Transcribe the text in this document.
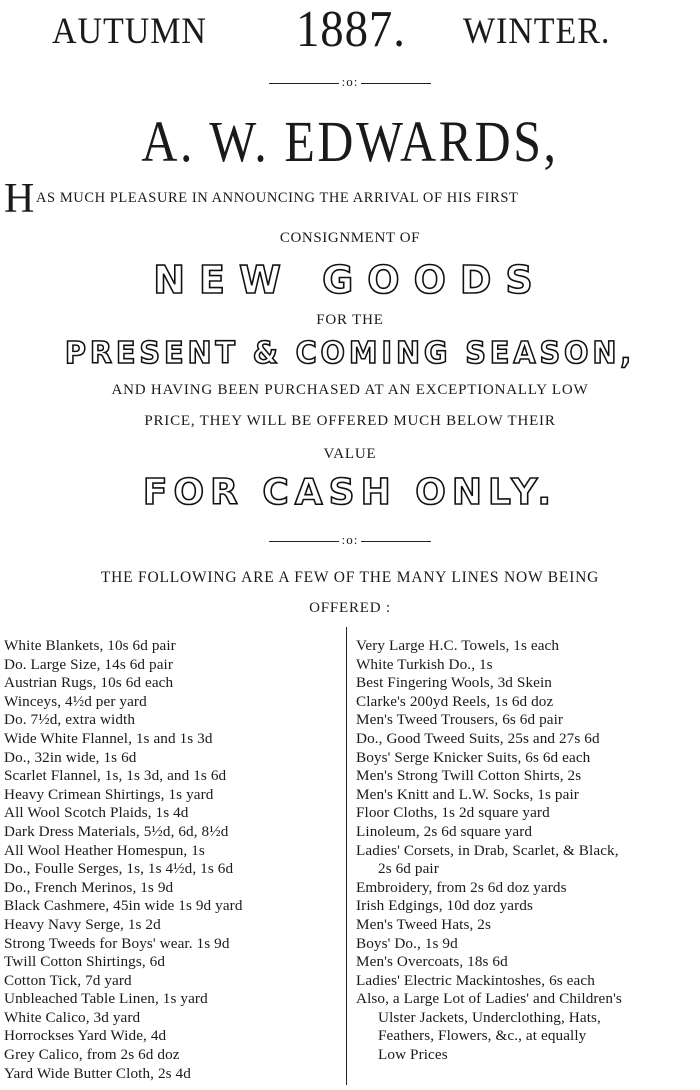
AUTUMN 1887. WINTER.
:o:
A. W. EDWARDS,
H AS MUCH PLEASURE IN ANNOUNCING THE ARRIVAL OF HIS FIRST
CONSIGNMENT OF
NEW GOODS
FOR THE
PRESENT & COMING SEASON,
AND HAVING BEEN PURCHASED AT AN EXCEPTIONALLY LOW
PRICE, THEY WILL BE OFFERED MUCH BELOW THEIR
VALUE
FOR CASH ONLY.
:o:
THE FOLLOWING ARE A FEW OF THE MANY LINES NOW BEING
OFFERED :
White Blankets, 10s 6d pair
Do. Large Size, 14s 6d pair
Austrian Rugs, 10s 6d each
Winceys, 4½d per yard
Do. 7½d, extra width
Wide White Flannel, 1s and 1s 3d
Do., 32in wide, 1s 6d
Scarlet Flannel, 1s, 1s 3d, and 1s 6d
Heavy Crimean Shirtings, 1s yard
All Wool Scotch Plaids, 1s 4d
Dark Dress Materials, 5½d, 6d, 8½d
All Wool Heather Homespun, 1s
Do., Foulle Serges, 1s, 1s 4½d, 1s 6d
Do., French Merinos, 1s 9d
Black Cashmere, 45in wide 1s 9d yard
Heavy Navy Serge, 1s 2d
Strong Tweeds for Boys' wear. 1s 9d
Twill Cotton Shirtings, 6d
Cotton Tick, 7d yard
Unbleached Table Linen, 1s yard
White Calico, 3d yard
Horrockses Yard Wide, 4d
Grey Calico, from 2s 6d doz
Yard Wide Butter Cloth, 2s 4d
Very Large H.C. Towels, 1s each
White Turkish Do., 1s
Best Fingering Wools, 3d Skein
Clarke's 200yd Reels, 1s 6d doz
Men's Tweed Trousers, 6s 6d pair
Do., Good Tweed Suits, 25s and 27s 6d
Boys' Serge Knicker Suits, 6s 6d each
Men's Strong Twill Cotton Shirts, 2s
Men's Knitt and L.W. Socks, 1s pair
Floor Cloths, 1s 2d square yard
Linoleum, 2s 6d square yard
Ladies' Corsets, in Drab, Scarlet, & Black,
2s 6d pair
Embroidery, from 2s 6d doz yards
Irish Edgings, 10d doz yards
Men's Tweed Hats, 2s
Boys' Do., 1s 9d
Men's Overcoats, 18s 6d
Ladies' Electric Mackintoshes, 6s each
Also, a Large Lot of Ladies' and Children's
Ulster Jackets, Underclothing, Hats,
Feathers, Flowers, &c., at equally
Low Prices
